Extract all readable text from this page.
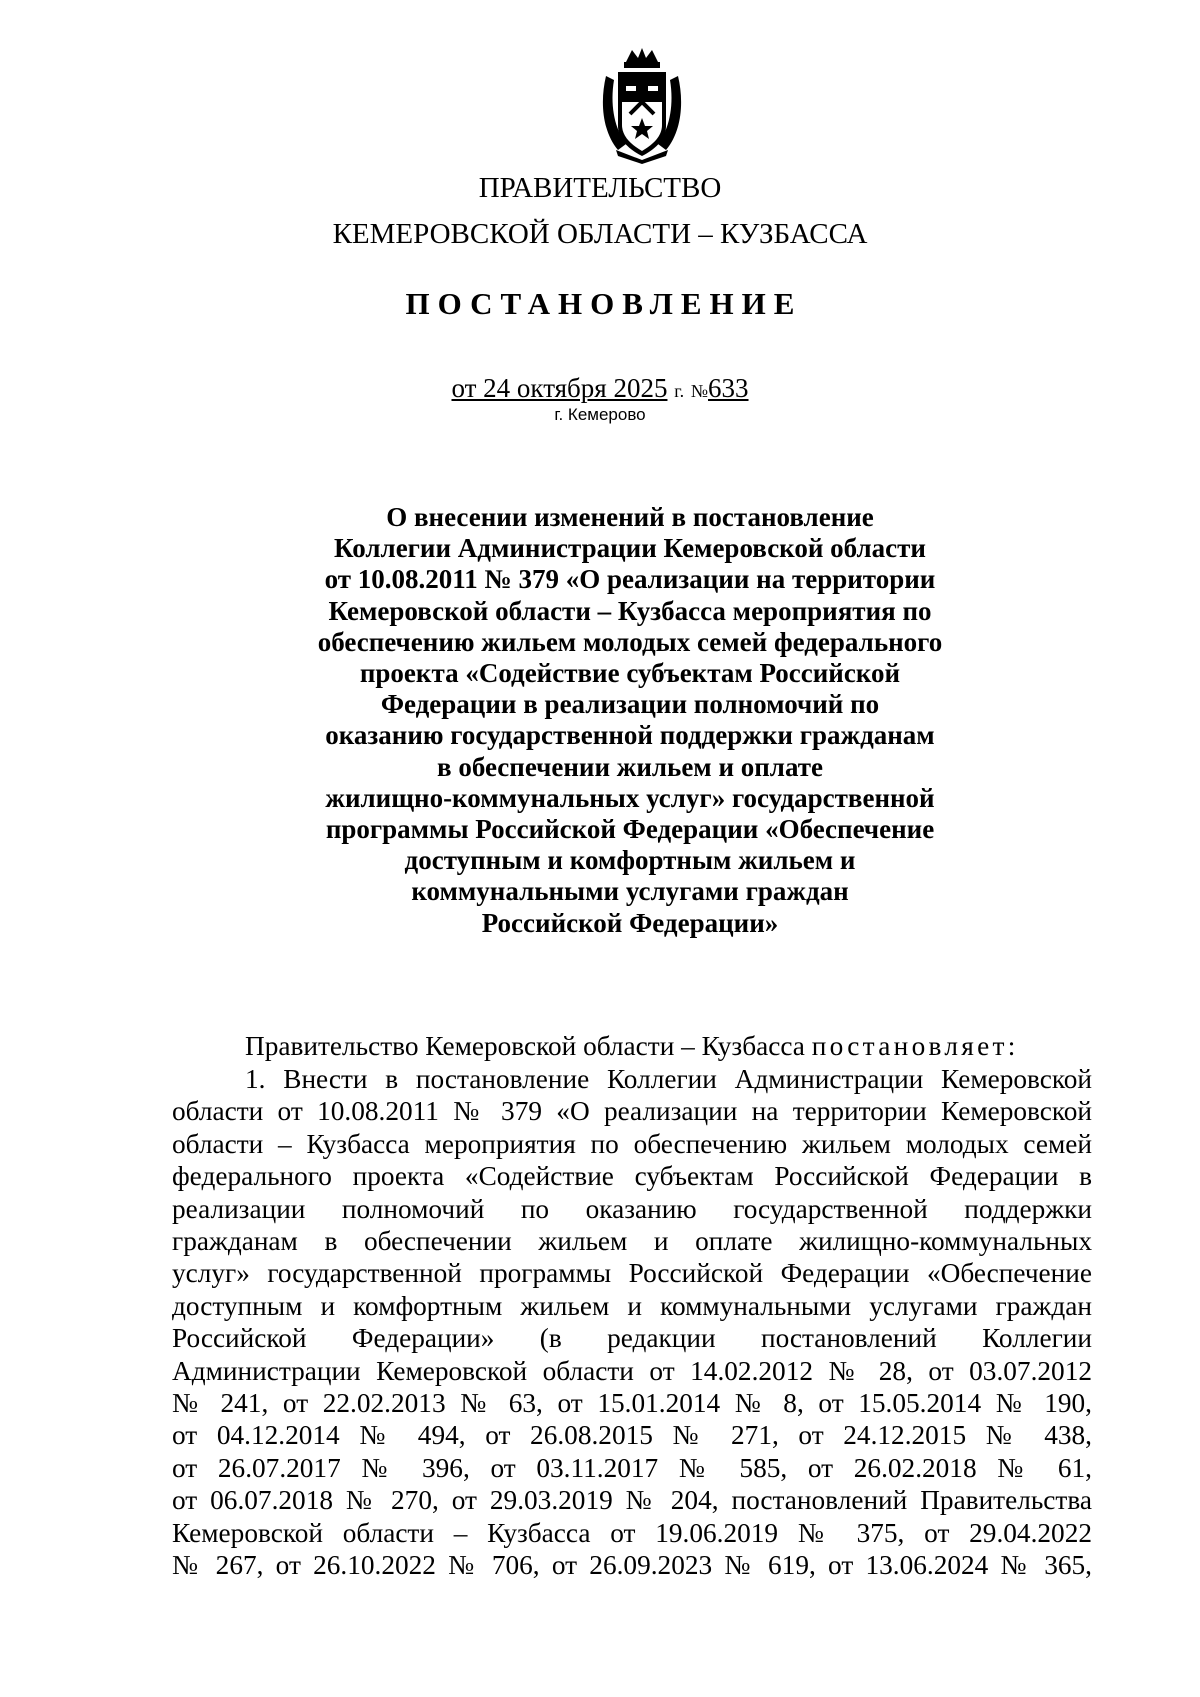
ПРАВИТЕЛЬСТВО
КЕМЕРОВСКОЙ ОБЛАСТИ – КУЗБАССА
ПОСТАНОВЛЕНИЕ
от 24 октября 2025 г. №633
г. Кемерово
О внесении изменений в постановление
Коллегии Администрации Кемеровской области
от 10.08.2011 № 379 «О реализации на территории
Кемеровской области – Кузбасса мероприятия по
обеспечению жильем молодых семей федерального
проекта «Содействие субъектам Российской
Федерации в реализации полномочий по
оказанию государственной поддержки гражданам
в обеспечении жильем и оплате
жилищно-коммунальных услуг» государственной
программы Российской Федерации «Обеспечение
доступным и комфортным жильем и
коммунальными услугами граждан
Российской Федерации»
Правительство Кемеровской области – Кузбасса постановляет:
1. Внести в постановление Коллегии Администрации Кемеровской
области от 10.08.2011 № 379 «О реализации на территории Кемеровской
области – Кузбасса мероприятия по обеспечению жильем молодых семей
федерального проекта «Содействие субъектам Российской Федерации в
реализации полномочий по оказанию государственной поддержки
гражданам в обеспечении жильем и оплате жилищно-коммунальных
услуг» государственной программы Российской Федерации «Обеспечение
доступным и комфортным жильем и коммунальными услугами граждан
Российской Федерации» (в редакции постановлений Коллегии
Администрации Кемеровской области от 14.02.2012 № 28, от 03.07.2012
№ 241, от 22.02.2013 № 63, от 15.01.2014 № 8, от 15.05.2014 № 190,
от 04.12.2014 № 494, от 26.08.2015 № 271, от 24.12.2015 № 438,
от 26.07.2017 № 396, от 03.11.2017 № 585, от 26.02.2018 № 61,
от 06.07.2018 № 270, от 29.03.2019 № 204, постановлений Правительства
Кемеровской области – Кузбасса от 19.06.2019 № 375, от 29.04.2022
№ 267, от 26.10.2022 № 706, от 26.09.2023 № 619, от 13.06.2024 № 365,
